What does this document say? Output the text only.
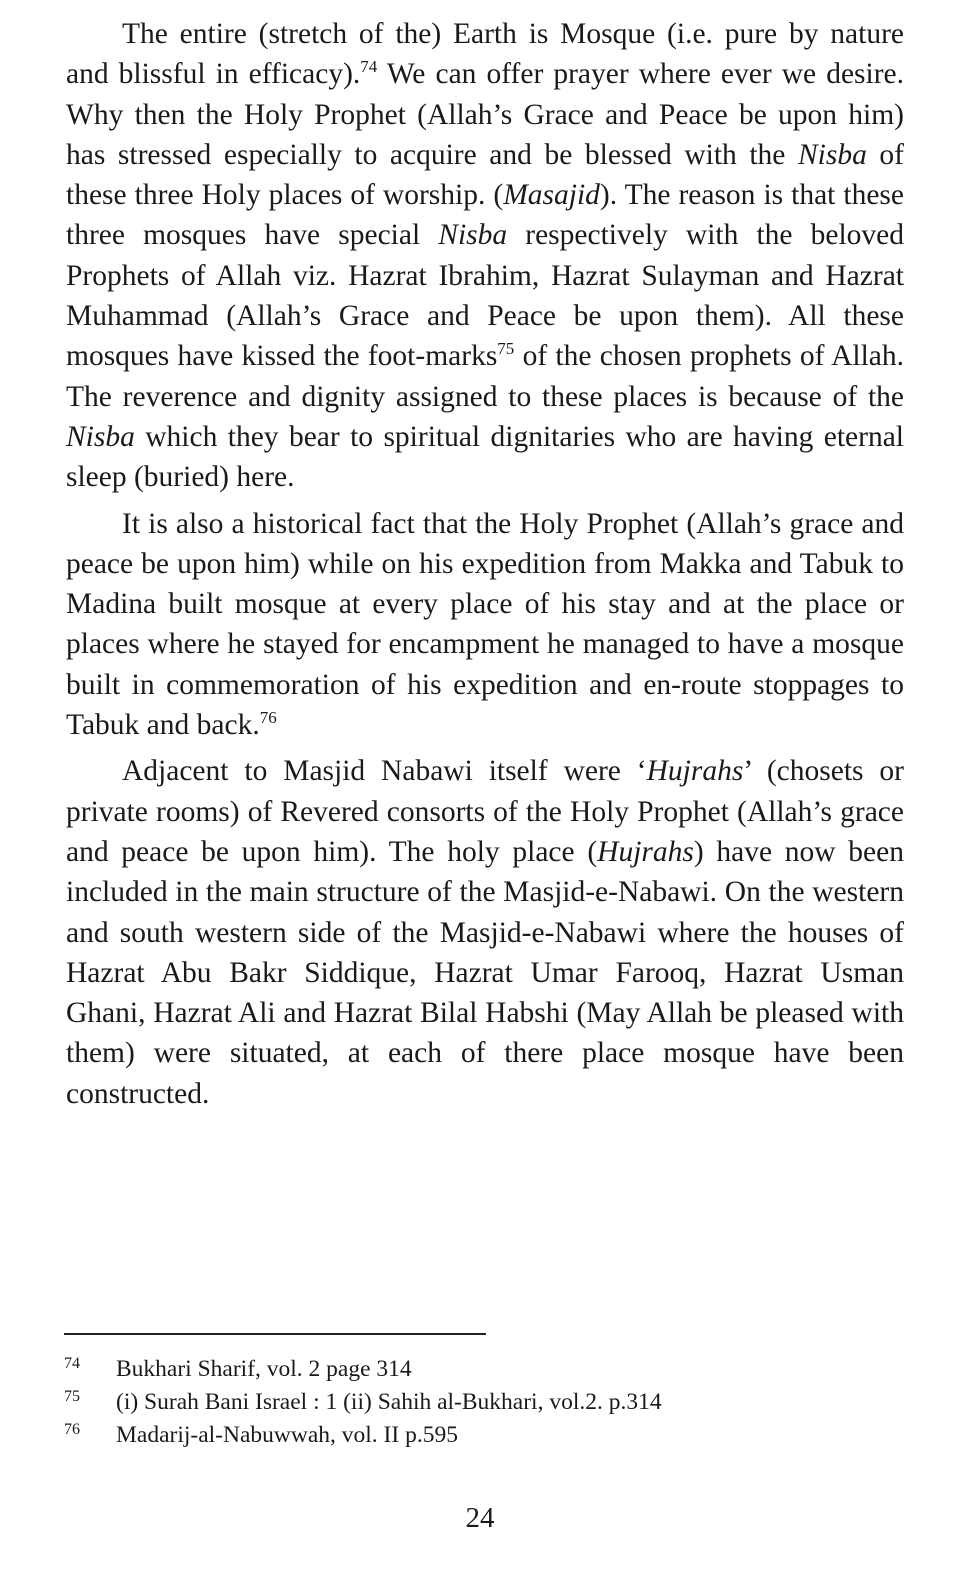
The entire (stretch of the) Earth is Mosque (i.e. pure by nature and blissful in efficacy).$^{74}$ We can offer prayer where ever we desire. Why then the Holy Prophet (Allah’s Grace and Peace be upon him) has stressed especially to acquire and be blessed with the Nisba of these three Holy places of worship. (Masajid). The reason is that these three mosques have special Nisba respectively with the beloved Prophets of Allah viz. Hazrat Ibrahim, Hazrat Sulayman and Hazrat Muhammad (Allah’s Grace and Peace be upon them). All these mosques have kissed the foot-marks$^{75}$ of the chosen prophets of Allah. The reverence and dignity assigned to these places is because of the Nisba which they bear to spiritual dignitaries who are having eternal sleep (buried) here.

It is also a historical fact that the Holy Prophet (Allah’s grace and peace be upon him) while on his expedition from Makka and Tabuk to Madina built mosque at every place of his stay and at the place or places where he stayed for encampment he managed to have a mosque built in commemoration of his expedition and en-route stoppages to Tabuk and back.$^{76}$

Adjacent to Masjid Nabawi itself were ‘Hujrahs’ (chosets or private rooms) of Revered consorts of the Holy Prophet (Allah’s grace and peace be upon him). The holy place (Hujrahs) have now been included in the main structure of the Masjid-e-Nabawi. On the western and south western side of the Masjid-e-Nabawi where the houses of Hazrat Abu Bakr Siddique, Hazrat Umar Farooq, Hazrat Usman Ghani, Hazrat Ali and Hazrat Bilal Habshi (May Allah be pleased with them) were situated, at each of there place mosque have been constructed.

74	Bukhari Sharif, vol. 2 page 314
75	(i) Surah Bani Israel : 1 (ii) Sahih al-Bukhari, vol.2. p.314
76	Madarij-al-Nabuwwah, vol. II p.595
24
